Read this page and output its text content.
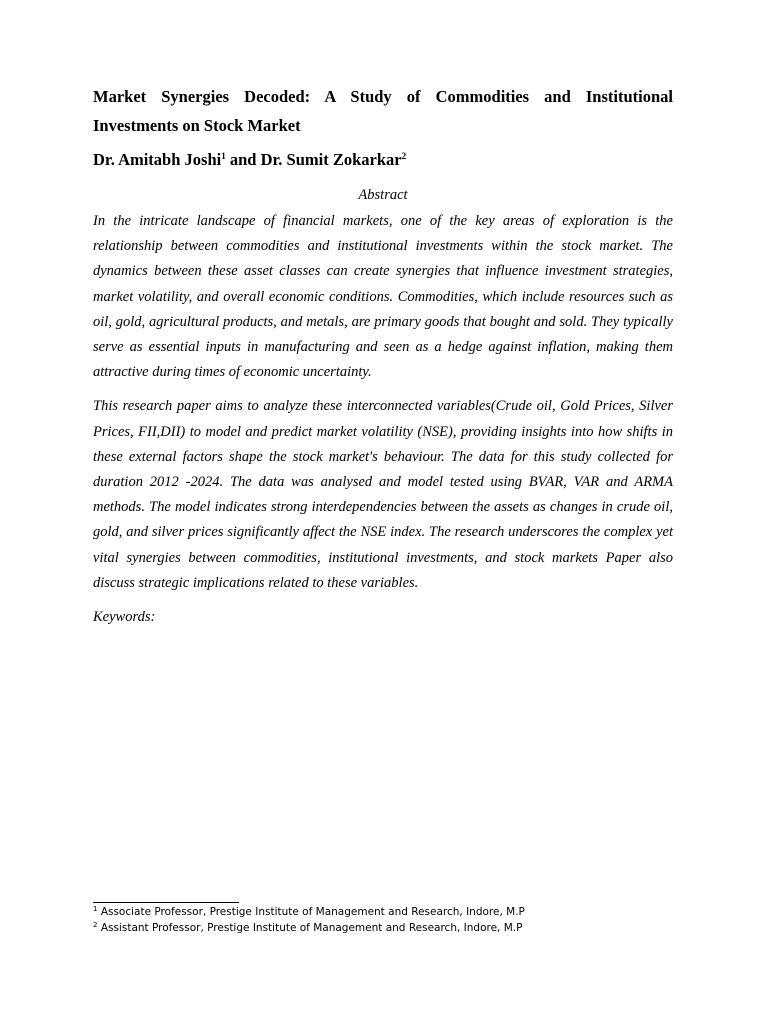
Market Synergies Decoded: A Study of Commodities and Institutional Investments on Stock Market
Dr. Amitabh Joshi$^1$ and Dr. Sumit Zokarkar$^2$
Abstract

In the intricate landscape of financial markets, one of the key areas of exploration is the relationship between commodities and institutional investments within the stock market. The dynamics between these asset classes can create synergies that influence investment strategies, market volatility, and overall economic conditions. Commodities, which include resources such as oil, gold, agricultural products, and metals, are primary goods that bought and sold. They typically serve as essential inputs in manufacturing and seen as a hedge against inflation, making them attractive during times of economic uncertainty.

This research paper aims to analyze these interconnected variables(Crude oil, Gold Prices, Silver Prices, FII,DII) to model and predict market volatility (NSE), providing insights into how shifts in these external factors shape the stock market's behaviour. The data for this study collected for duration 2012 -2024. The data was analysed and model tested using BVAR, VAR and ARMA methods. The model indicates strong interdependencies between the assets as changes in crude oil, gold, and silver prices significantly affect the NSE index. The research underscores the complex yet vital synergies between commodities, institutional investments, and stock markets Paper also discuss strategic implications related to these variables.

Keywords:
$^1$ Associate Professor, Prestige Institute of Management and Research, Indore, M.P
$^2$ Assistant Professor, Prestige Institute of Management and Research, Indore, M.P
